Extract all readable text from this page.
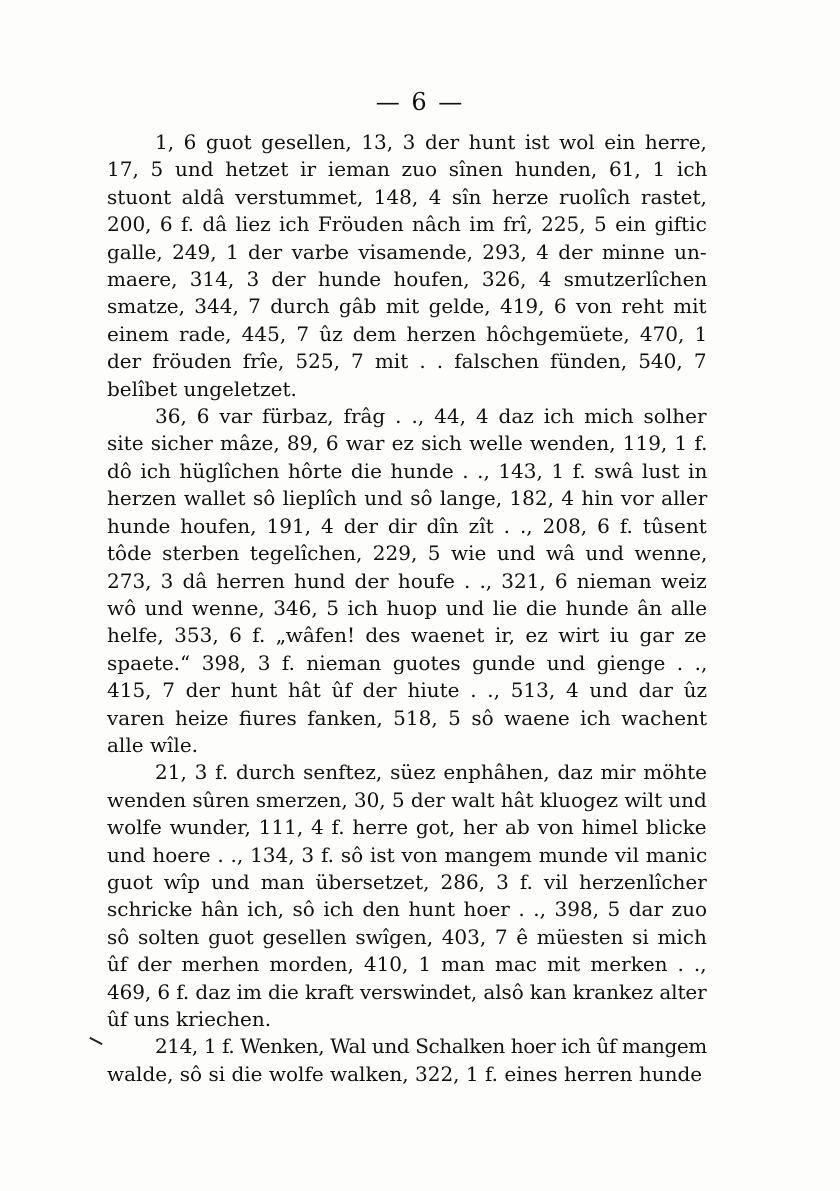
— 6 —

1, 6 guot gesellen, 13, 3 der hunt ist wol ein herre,
17, 5 und hetzet ir ieman zuo sînen hunden, 61, 1 ich
stuont aldâ verstummet, 148, 4 sîn herze ruolîch rastet,
200, 6 f. dâ liez ich Fröuden nâch im frî, 225, 5 ein giftic
galle, 249, 1 der varbe visamende, 293, 4 der minne un-
maere, 314, 3 der hunde houfen, 326, 4 smutzerlîchen
smatze, 344, 7 durch gâb mit gelde, 419, 6 von reht mit
einem rade, 445, 7 ûz dem herzen hôchgemüete, 470, 1
der fröuden frîe, 525, 7 mit . . falschen fünden, 540, 7
belîbet ungeletzet.

36, 6 var fürbaz, frâg . ., 44, 4 daz ich mich solher
site sicher mâze, 89, 6 war ez sich welle wenden, 119, 1 f.
dô ich hüglîchen hôrte die hunde . ., 143, 1 f. swâ lust in
herzen wallet sô lieplîch und sô lange, 182, 4 hin vor aller
hunde houfen, 191, 4 der dir dîn zît . ., 208, 6 f. tûsent
tôde sterben tegelîchen, 229, 5 wie und wâ und wenne,
273, 3 dâ herren hund der houfe . ., 321, 6 nieman weiz
wô und wenne, 346, 5 ich huop und lie die hunde ân alle
helfe, 353, 6 f. „wâfen! des waenet ir, ez wirt iu gar ze
spaete.“ 398, 3 f. nieman guotes gunde und gienge . .,
415, 7 der hunt hât ûf der hiute . ., 513, 4 und dar ûz
varen heize fiures fanken, 518, 5 sô waene ich wachent
alle wîle.

21, 3 f. durch senftez, süez enphâhen, daz mir möhte
wenden sûren smerzen, 30, 5 der walt hât kluogez wilt und
wolfe wunder, 111, 4 f. herre got, her ab von himel blicke
und hoere . ., 134, 3 f. sô ist von mangem munde vil manic
guot wîp und man übersetzet, 286, 3 f. vil herzenlîcher
schricke hân ich, sô ich den hunt hoer . ., 398, 5 dar zuo
sô solten guot gesellen swîgen, 403, 7 ê müesten si mich
ûf der merhen morden, 410, 1 man mac mit merken . .,
469, 6 f. daz im die kraft verswindet, alsô kan krankez alter
ûf uns kriechen.

214, 1 f. Wenken, Wal und Schalken hoer ich ûf mangem
walde, sô si die wolfe walken, 322, 1 f. eines herren hunde
